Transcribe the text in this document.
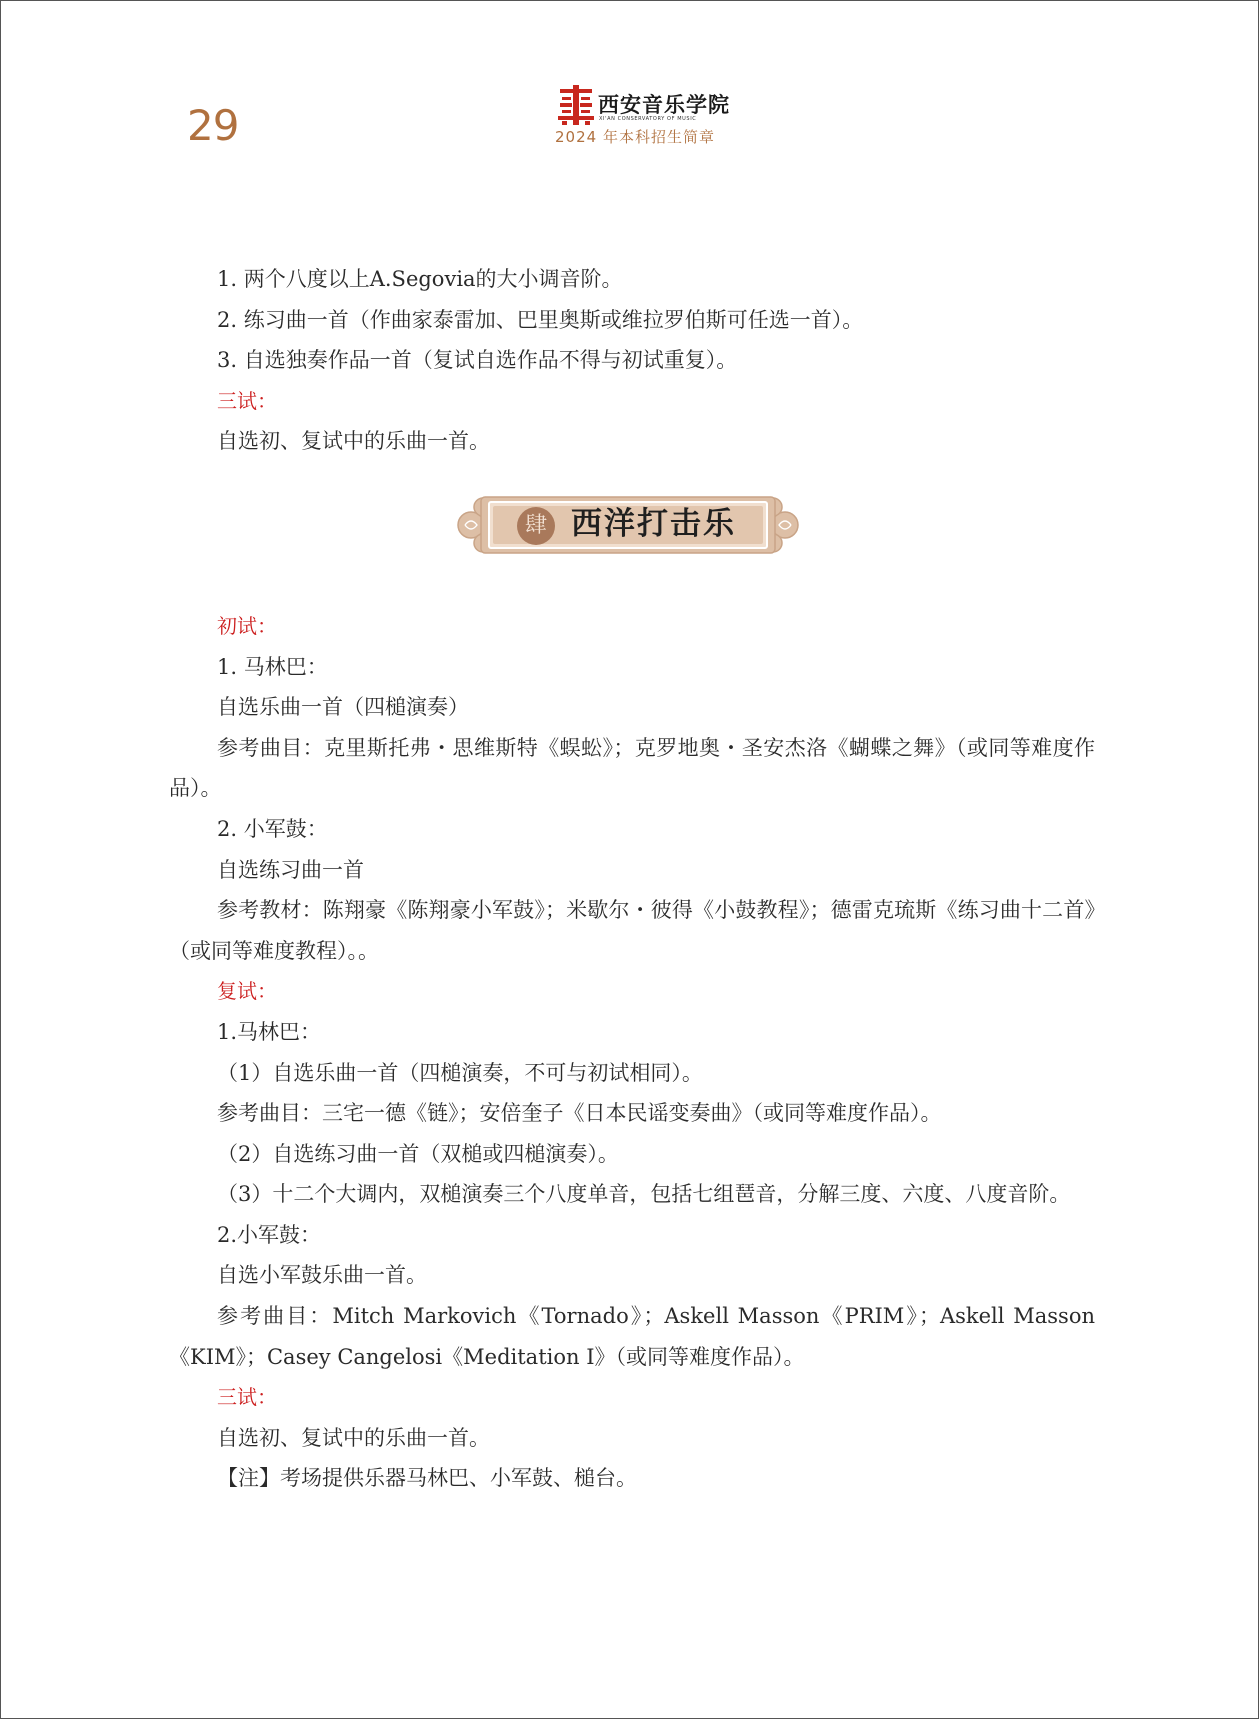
29	西安音乐学院
XI'AN CONSERVATORY OF MUSIC
2024 年本科招生简章

1. 两个八度以上A.Segovia的大小调音阶。

2. 练习曲一首（作曲家泰雷加、巴里奥斯或维拉罗伯斯可任选一首）。

3. 自选独奏作品一首（复试自选作品不得与初试重复）。

三试：

自选初、复试中的乐曲一首。

肆 西洋打击乐

初试：

1. 马林巴：

自选乐曲一首（四槌演奏）

参考曲目：克里斯托弗・思维斯特《蜈蚣》；克罗地奥・圣安杰洛《蝴蝶之舞》（或同等难度作品）。

2. 小军鼓：

自选练习曲一首

参考教材：陈翔豪《陈翔豪小军鼓》；米歇尔・彼得《小鼓教程》；德雷克琉斯《练习曲十二首》（或同等难度教程）。。

复试：

1.马林巴：

（1）自选乐曲一首（四槌演奏，不可与初试相同）。

参考曲目：三宅一德《链》；安倍奎子《日本民谣变奏曲》（或同等难度作品）。

（2）自选练习曲一首（双槌或四槌演奏）。

（3）十二个大调内，双槌演奏三个八度单音，包括七组琶音，分解三度、六度、八度音阶。

2.小军鼓：

自选小军鼓乐曲一首。

参考曲目：Mitch Markovich《Tornado》；Askell Masson《PRIM》；Askell Masson《KIM》；Casey Cangelosi《Meditation I》（或同等难度作品）。

三试：

自选初、复试中的乐曲一首。

【注】考场提供乐器马林巴、小军鼓、槌台。
